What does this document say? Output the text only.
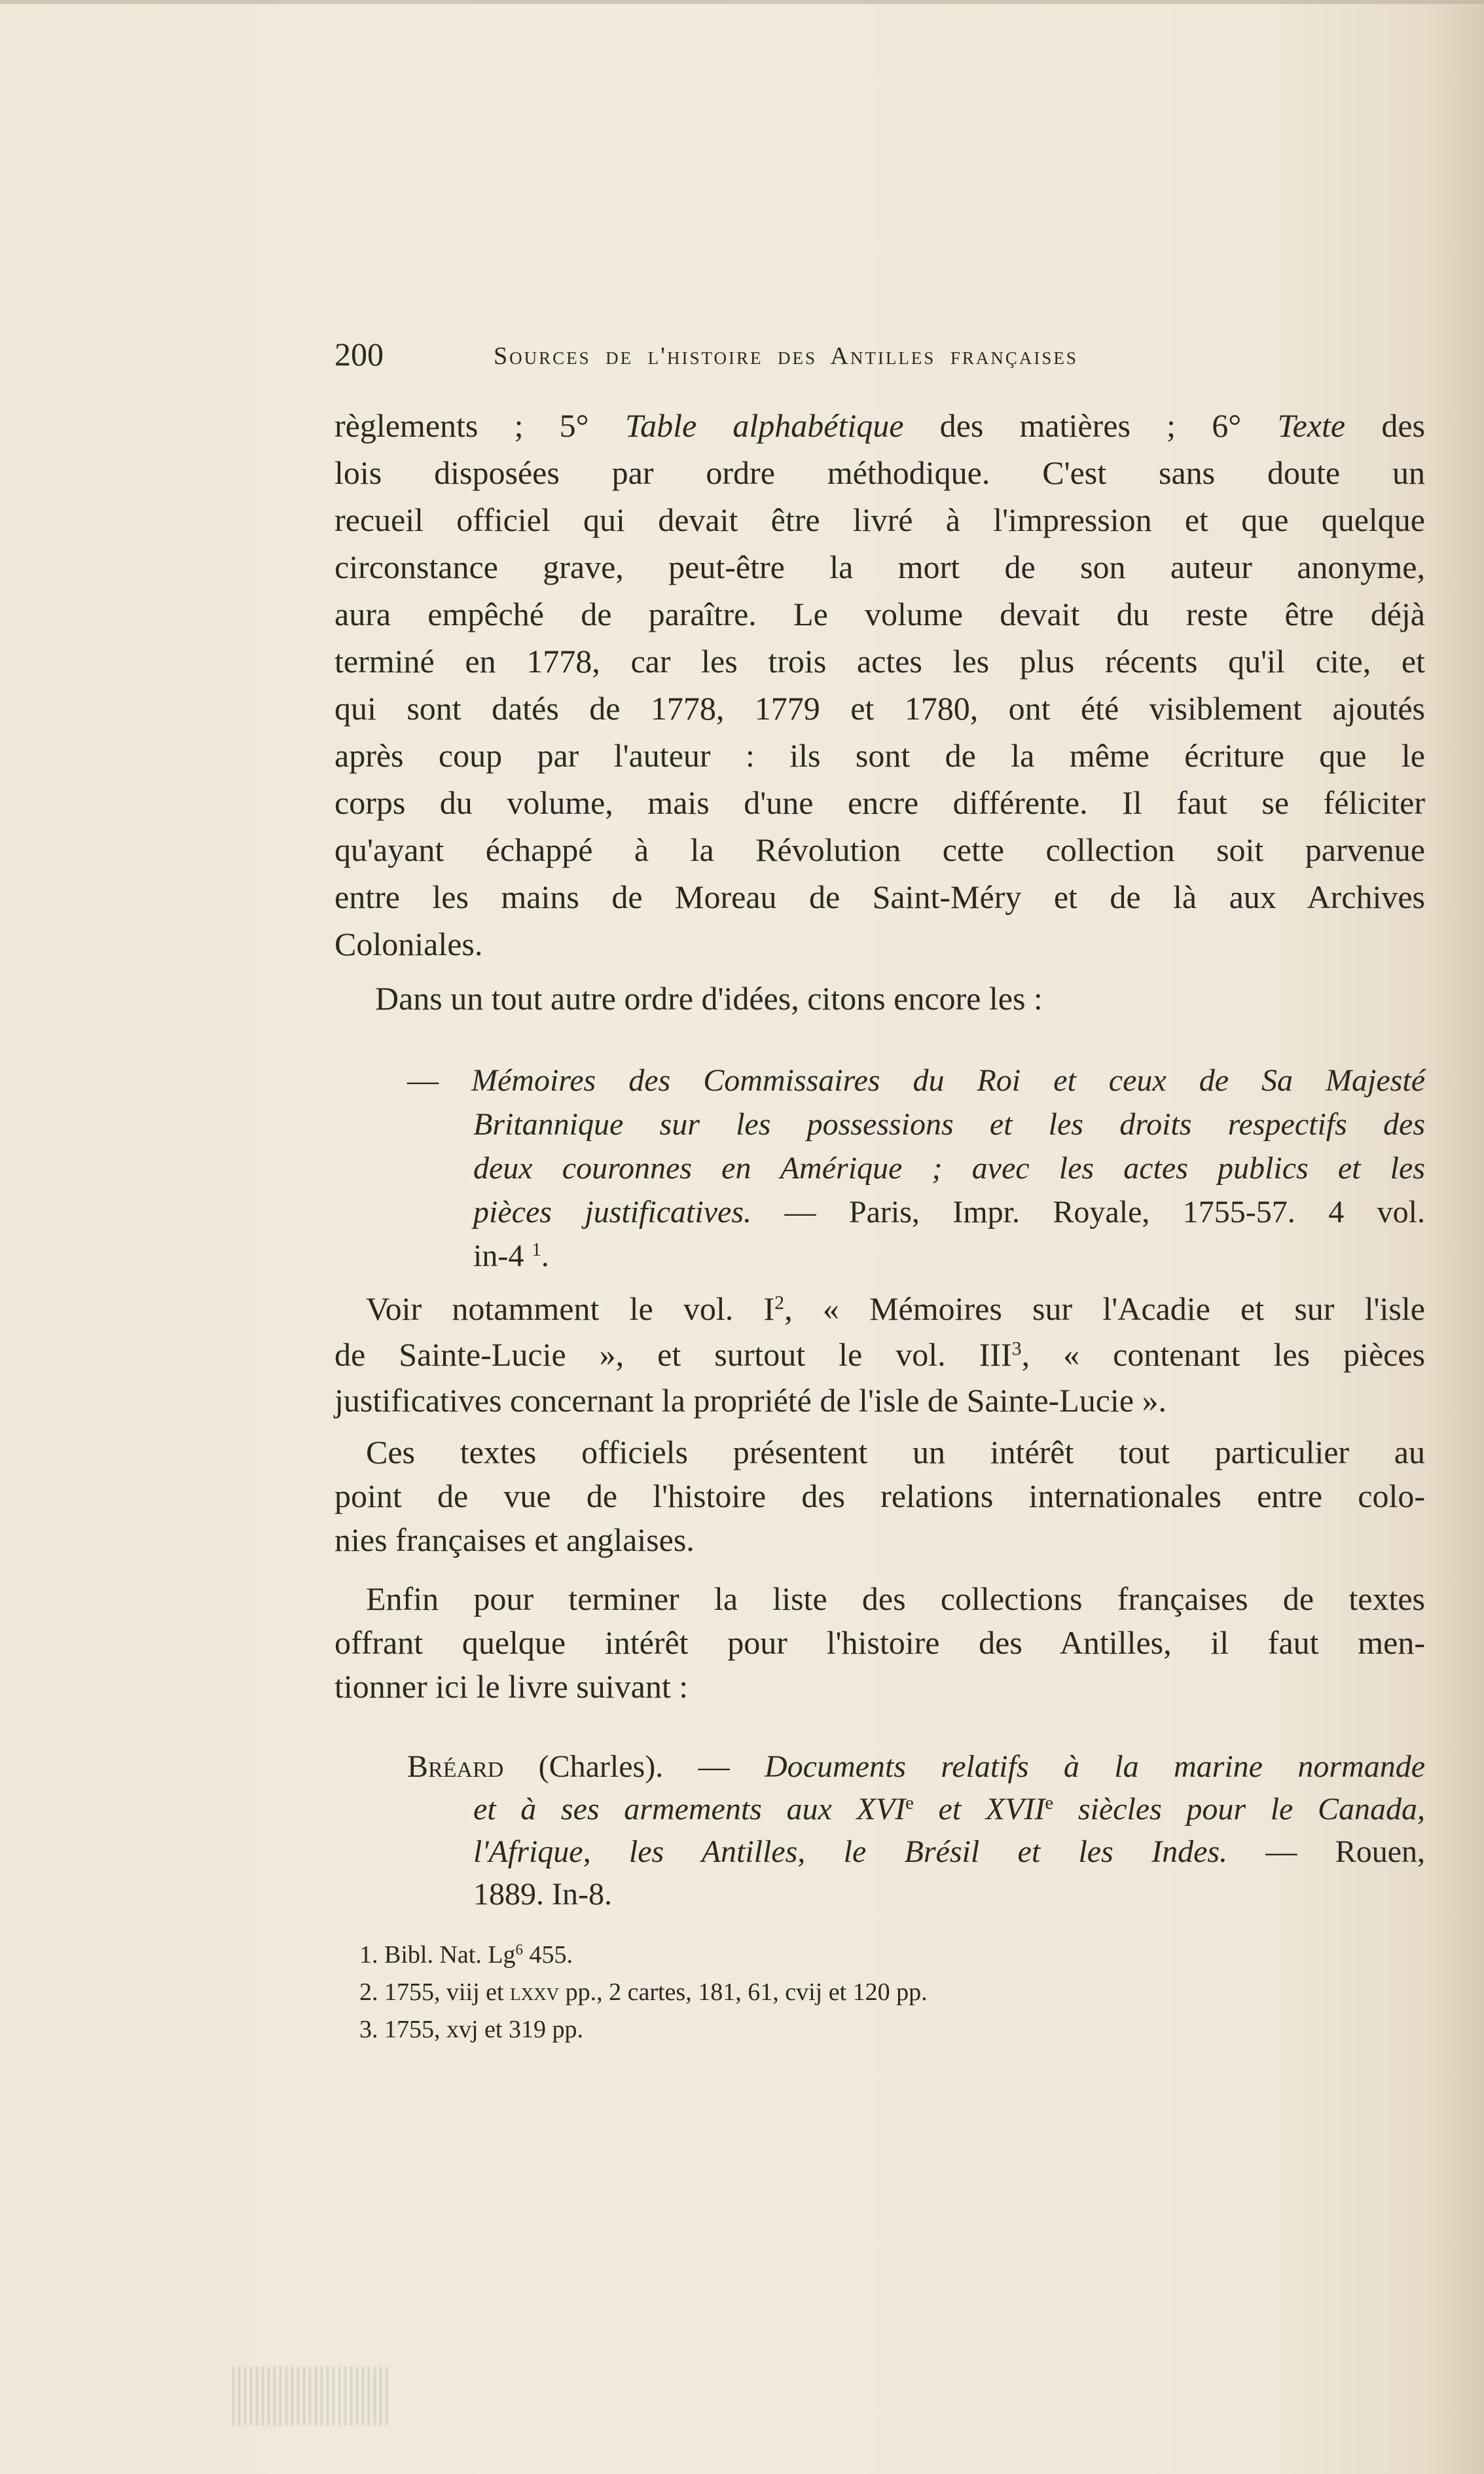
200	Sources de l'histoire des Antilles françaises
règlements ; 5° Table alphabétique des matières ; 6° Texte des
lois disposées par ordre méthodique. C'est sans doute un
recueil officiel qui devait être livré à l'impression et que quelque
circonstance grave, peut-être la mort de son auteur anonyme,
aura empêché de paraître. Le volume devait du reste être déjà
terminé en 1778, car les trois actes les plus récents qu'il cite, et
qui sont datés de 1778, 1779 et 1780, ont été visiblement ajoutés
après coup par l'auteur : ils sont de la même écriture que le
corps du volume, mais d'une encre différente. Il faut se féliciter
qu'ayant échappé à la Révolution cette collection soit parvenue
entre les mains de Moreau de Saint-Méry et de là aux Archives
Coloniales.
Dans un tout autre ordre d'idées, citons encore les :
— Mémoires des Commissaires du Roi et ceux de Sa Majesté
Britannique sur les possessions et les droits respectifs des
deux couronnes en Amérique ; avec les actes publics et les
pièces justificatives. — Paris, Impr. Royale, 1755-57. 4 vol.
in-4 $^1$.
Voir notamment le vol. $I^2$, « Mémoires sur l'Acadie et sur l'isle
de Sainte-Lucie », et surtout le vol. III$^3$, « contenant les pièces
justificatives concernant la propriété de l'isle de Sainte-Lucie ».
Ces textes officiels présentent un intérêt tout particulier au
point de vue de l'histoire des relations internationales entre colo-
nies françaises et anglaises.
Enfin pour terminer la liste des collections françaises de textes
offrant quelque intérêt pour l'histoire des Antilles, il faut men-
tionner ici le livre suivant :
Bréard (Charles). — Documents relatifs à la marine normande
et à ses armements aux XVIe et XVIIe siècles pour le Canada,
l'Afrique, les Antilles, le Brésil et les Indes. — Rouen,
1889. In-8.
1. Bibl. Nat. Lg$^6$ 455.
2. 1755, viij et lxxv pp., 2 cartes, 181, 61, cvij et 120 pp.
3. 1755, xvj et 319 pp.
